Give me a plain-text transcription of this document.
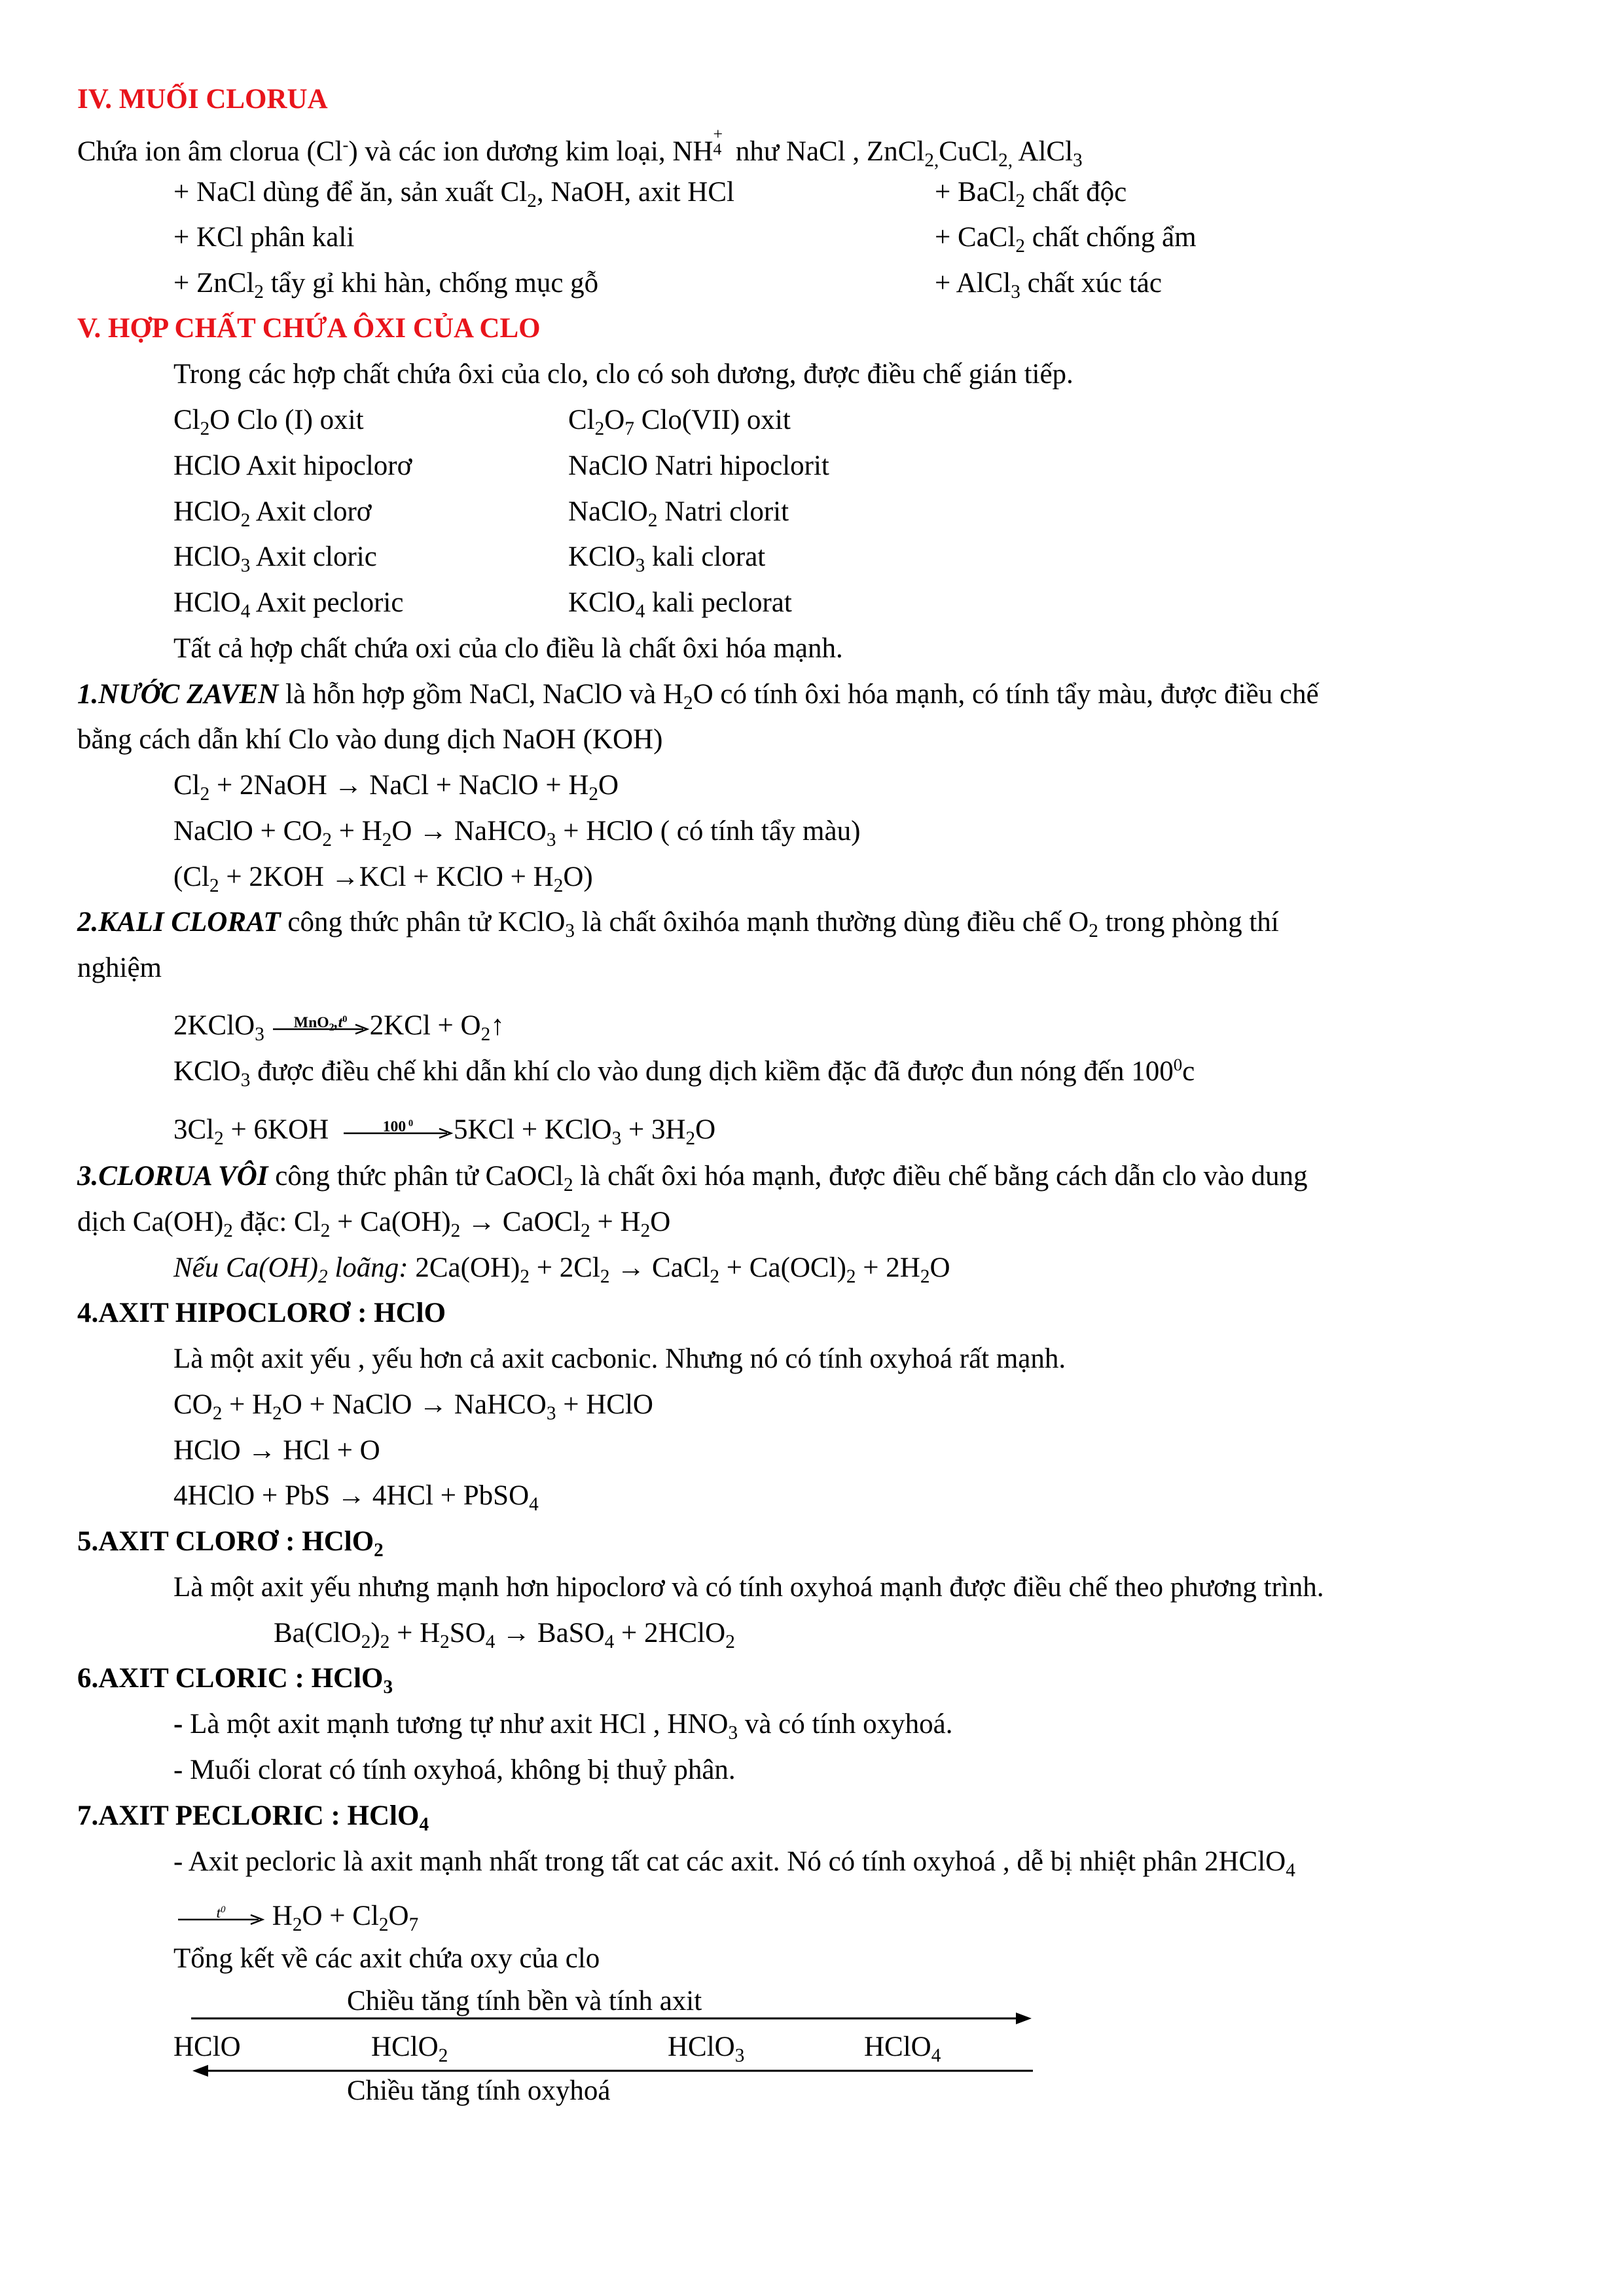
IV. MUỐI CLORUA
Chứa ion âm clorua (Cl-) và các ion dương kim loại, NH
+
4 như NaCl , ZnCl$_{2,}$CuCl$_{2,}$ AlCl$_3$
+ NaCl dùng để ăn, sản xuất $Cl_2$, NaOH, axit HCl	+ BaCl$_2$ chất độc
+ KCl phân kali	+ CaCl$_2$ chất chống ẩm
+ ZnCl$_2$ tẩy gỉ khi hàn, chống mục gỗ	+ AlCl$_3$ chất xúc tác
V. HỢP CHẤT CHỨA ÔXI CỦA CLO
Trong các hợp chất chứa ôxi của clo, clo có soh dương, được điều chế gián tiếp.
$Cl_2O$ Clo (I) oxit	$Cl_2O_7$ Clo(VII) oxit
HClO Axit hipoclorơ	NaClO Natri hipoclorit
HClO$_2$ Axit clorơ	NaClO$_2$ Natri clorit
HClO$_3$ Axit cloric	KClO$_3$ kali clorat
HClO$_4$ Axit pecloric	KClO$_4$ kali peclorat
Tất cả hợp chất chứa oxi của clo điều là chất ôxi hóa mạnh.
1.NƯỚC ZAVEN là hỗn hợp gồm NaCl, NaClO và $H_2O$ có tính ôxi hóa mạnh, có tính tẩy màu, được điều chế
bằng cách dẫn khí Clo vào dung dịch NaOH (KOH)
$Cl_2$ + 2NaOH → NaCl + NaClO + $H_2O$
NaClO + $CO_2 + H_2O$ → NaHCO$_3$ + HClO ( có tính tẩy màu)
($Cl_2 + 2KOH \to KCl$ + KClO + $H_2O$)
2.KALI CLORAT công thức phân tử KClO$_3$ là chất ôxihóa mạnh thường dùng điều chế $O_2$ trong phòng thí
nghiệm
2KClO$_3$
$MnO_2,t^0$ $2KCl + O_2↑$
KClO$_3$ được điều chế khi dẫn khí clo vào dung dịch kiềm đặc đã được đun nóng đến $100^0c$
$3Cl_2 + 6KOH$	100 $^0$	5KCl + KClO$_3$ + $3H_2O$
3.CLORUA VÔI công thức phân tử CaOCl$_2$ là chất ôxi hóa mạnh, được điều chế bằng cách dẫn clo vào dung
dịch $Ca(OH)_2$ đặc: $Cl_2 + Ca(OH)_2$ → CaOCl$_2$ + $H_2O$
Nếu $Ca(OH)_2$ loãng: $2Ca(OH)_2 + 2Cl_2$ → CaCl$_2$ + $Ca(OCl)_2 + 2H_2O$
4.AXIT HIPOCLORƠ : HClO
Là một axit yếu , yếu hơn cả axit cacbonic. Nhưng nó có tính oxyhoá rất mạnh.
$CO_2 + H_2O$ + NaClO → NaHCO$_3$ + HClO
HClO → HCl + O
4HClO + PbS → 4HCl + PbSO$_4$
5.AXIT CLORƠ : HClO$_2$
Là một axit yếu nhưng mạnh hơn hipoclorơ và có tính oxyhoá mạnh được điều chế theo phương trình.
$Ba(ClO_2)_2 + H_2SO_4$ → BaSO$_4$ + 2HClO$_2$
6.AXIT CLORIC : HClO$_3$
- Là một axit mạnh tương tự như axit HCl , $HNO_3$ và có tính oxyhoá.
- Muối clorat có tính oxyhoá, không bị thuỷ phân.
7.AXIT PECLORIC : HClO$_4$
- Axit pecloric là axit mạnh nhất trong tất cat các axit. Nó có tính oxyhoá , dễ bị nhiệt phân 2HClO$_4$
$t^0$	$H_2O + Cl_2O_7$
Tổng kết về các axit chứa oxy của clo
Chiều tăng tính bền và tính axit
HClO	HClO$_2$	HClO$_3$	HClO$_4$
Chiều tăng tính oxyhoá
